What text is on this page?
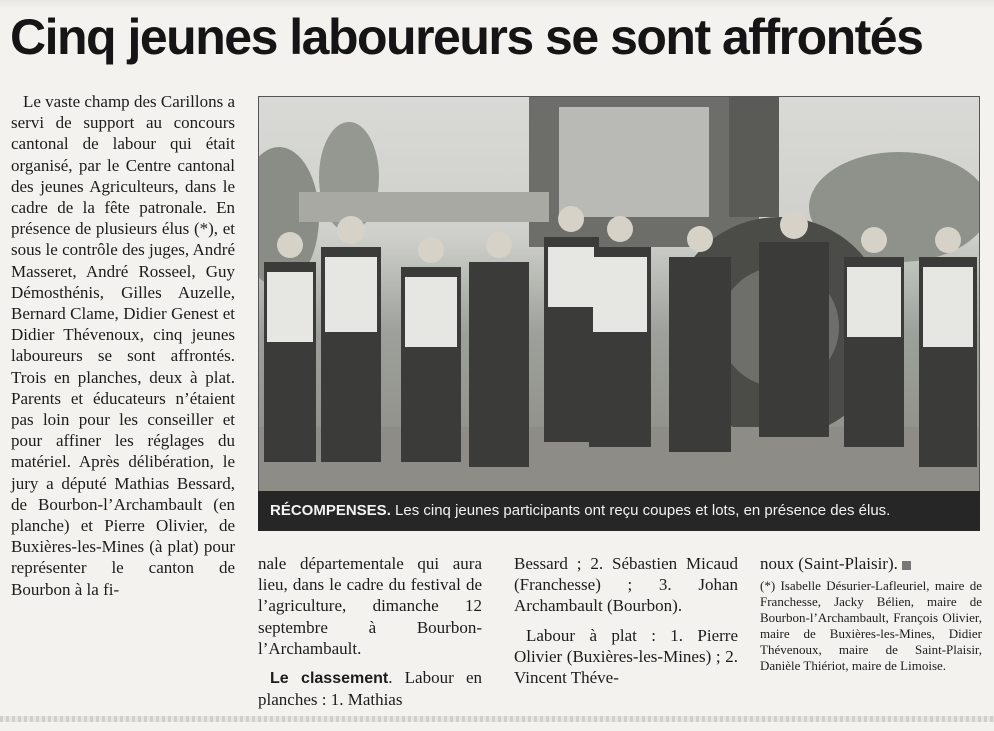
Cinq jeunes laboureurs se sont affrontés

Le vaste champ des Carillons a servi de support au concours cantonal de labour qui était organisé, par le Centre cantonal des jeunes Agriculteurs, dans le cadre de la fête patronale. En présence de plusieurs élus (*), et sous le contrôle des juges, André Masseret, André Rosseel, Guy Démosthénis, Gilles Auzelle, Bernard Clame, Didier Genest et Didier Thévenoux, cinq jeunes laboureurs se sont affrontés. Trois en planches, deux à plat. Parents et éducateurs n’étaient pas loin pour les conseiller et pour affiner les réglages du matériel. Après délibération, le jury a député Mathias Bessard, de Bourbon-l’Archambault (en planche) et Pierre Olivier, de Buxières-les-Mines (à plat) pour représenter le canton de Bourbon à la fi-

RÉCOMPENSES. Les cinq jeunes participants ont reçu coupes et lots, en présence des élus.

nale départementale qui aura lieu, dans le cadre du festival de l’agriculture, dimanche 12 septembre à Bourbon-l’Archambault.

Le classement. Labour en planches : 1. Mathias

Bessard ; 2. Sébastien Micaud (Franchesse) ; 3. Johan Archambault (Bourbon).

Labour à plat : 1. Pierre Olivier (Buxières-les-Mines) ; 2. Vincent Théve-

noux (Saint-Plaisir).

(*) Isabelle Désurier-Lafleuriel, maire de Franchesse, Jacky Bélien, maire de Bourbon-l’Archambault, François Olivier, maire de Buxières-les-Mines, Didier Thévenoux, maire de Saint-Plaisir, Danièle Thiériot, maire de Limoise.
